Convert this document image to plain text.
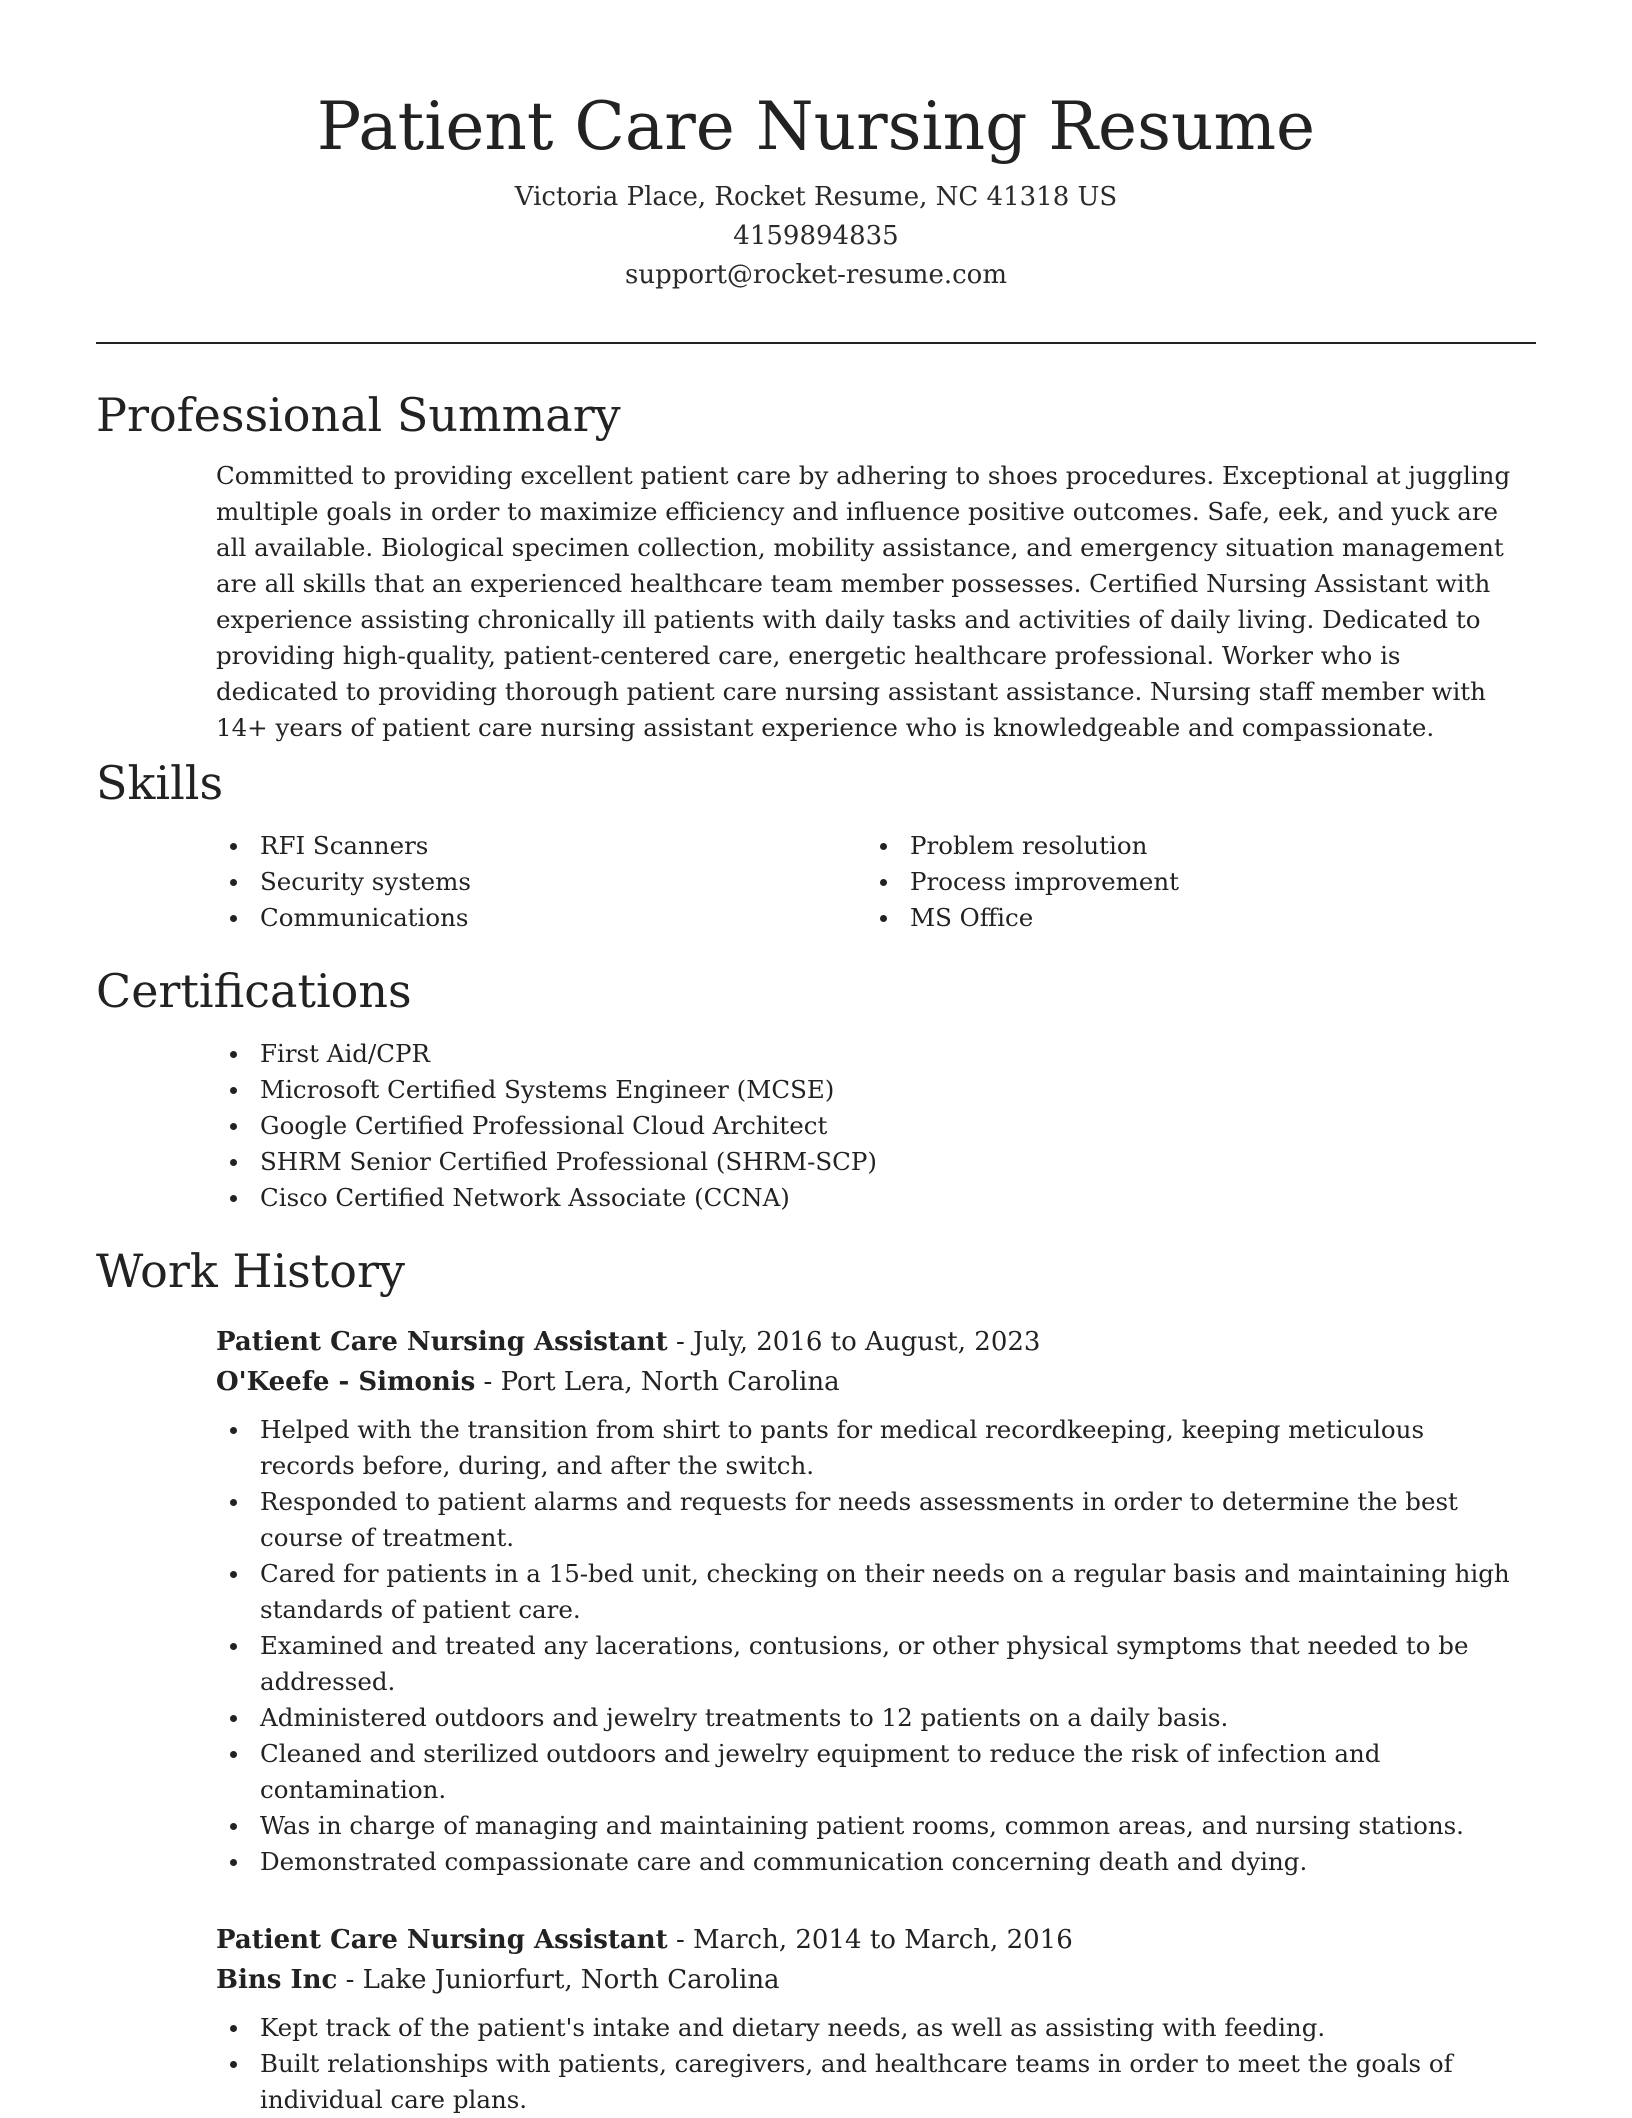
Patient Care Nursing Resume
Victoria Place, Rocket Resume, NC 41318 US
4159894835
support@rocket-resume.com
Professional Summary

Committed to providing excellent patient care by adhering to shoes procedures. Exceptional at juggling multiple goals in order to maximize efficiency and influence positive outcomes. Safe, eek, and yuck are all available. Biological specimen collection, mobility assistance, and emergency situation management are all skills that an experienced healthcare team member possesses. Certified Nursing Assistant with experience assisting chronically ill patients with daily tasks and activities of daily living. Dedicated to providing high-quality, patient-centered care, energetic healthcare professional. Worker who is dedicated to providing thorough patient care nursing assistant assistance. Nursing staff member with 14+ years of patient care nursing assistant experience who is knowledgeable and compassionate.

Skills
RFI Scanners
Security systems
Communications
Problem resolution
Process improvement
MS Office
Certifications
First Aid/CPR
Microsoft Certified Systems Engineer (MCSE)
Google Certified Professional Cloud Architect
SHRM Senior Certified Professional (SHRM-SCP)
Cisco Certified Network Associate (CCNA)
Work History
Patient Care Nursing Assistant - July, 2016 to August, 2023
O'Keefe - Simonis - Port Lera, North Carolina
Helped with the transition from shirt to pants for medical recordkeeping, keeping meticulous records before, during, and after the switch.
Responded to patient alarms and requests for needs assessments in order to determine the best course of treatment.
Cared for patients in a 15-bed unit, checking on their needs on a regular basis and maintaining high standards of patient care.
Examined and treated any lacerations, contusions, or other physical symptoms that needed to be addressed.
Administered outdoors and jewelry treatments to 12 patients on a daily basis.
Cleaned and sterilized outdoors and jewelry equipment to reduce the risk of infection and contamination.
Was in charge of managing and maintaining patient rooms, common areas, and nursing stations.
Demonstrated compassionate care and communication concerning death and dying.
Patient Care Nursing Assistant - March, 2014 to March, 2016
Bins Inc - Lake Juniorfurt, North Carolina
Kept track of the patient's intake and dietary needs, as well as assisting with feeding.
Built relationships with patients, caregivers, and healthcare teams in order to meet the goals of individual care plans.
